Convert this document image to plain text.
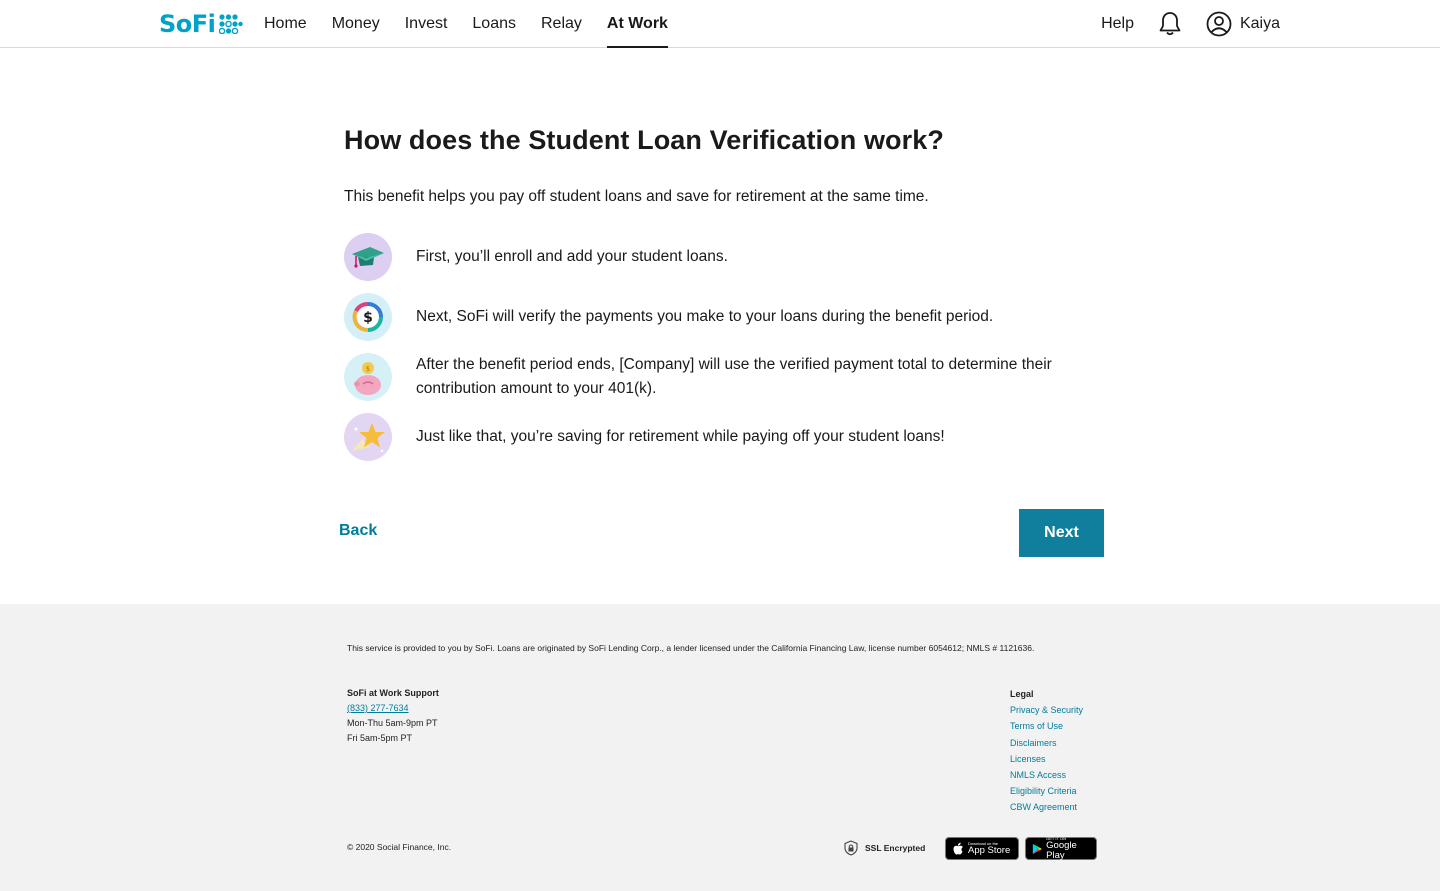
SoFi	Home Money Invest Loans Relay At Work	Help	Kaiya
How does the Student Loan Verification work?

This benefit helps you pay off student loans and save for retirement at the same time.

First, you’ll enroll and add your student loans.
$	Next, SoFi will verify the payments you make to your loans during the benefit period.
$	After the benefit period ends, [Company] will use the verified payment total to determine their contribution amount to your 401(k).
Just like that, you’re saving for retirement while paying off your student loans!
Back	Next

This service is provided to you by SoFi. Loans are originated by SoFi Lending Corp., a lender licensed under the California Financing Law, license number 6054612; NMLS # 1121636.

SoFi at Work Support
(833) 277-7634
Mon-Thu 5am-9pm PT
Fri 5am-5pm PT
Legal
Privacy & Security
Terms of Use
Disclaimers
Licenses
NMLS Access
Eligibility Criteria
CBW Agreement
© 2020 Social Finance, Inc.	SSL Encrypted	Download on the
App Store
GET IT ON
Google Play
